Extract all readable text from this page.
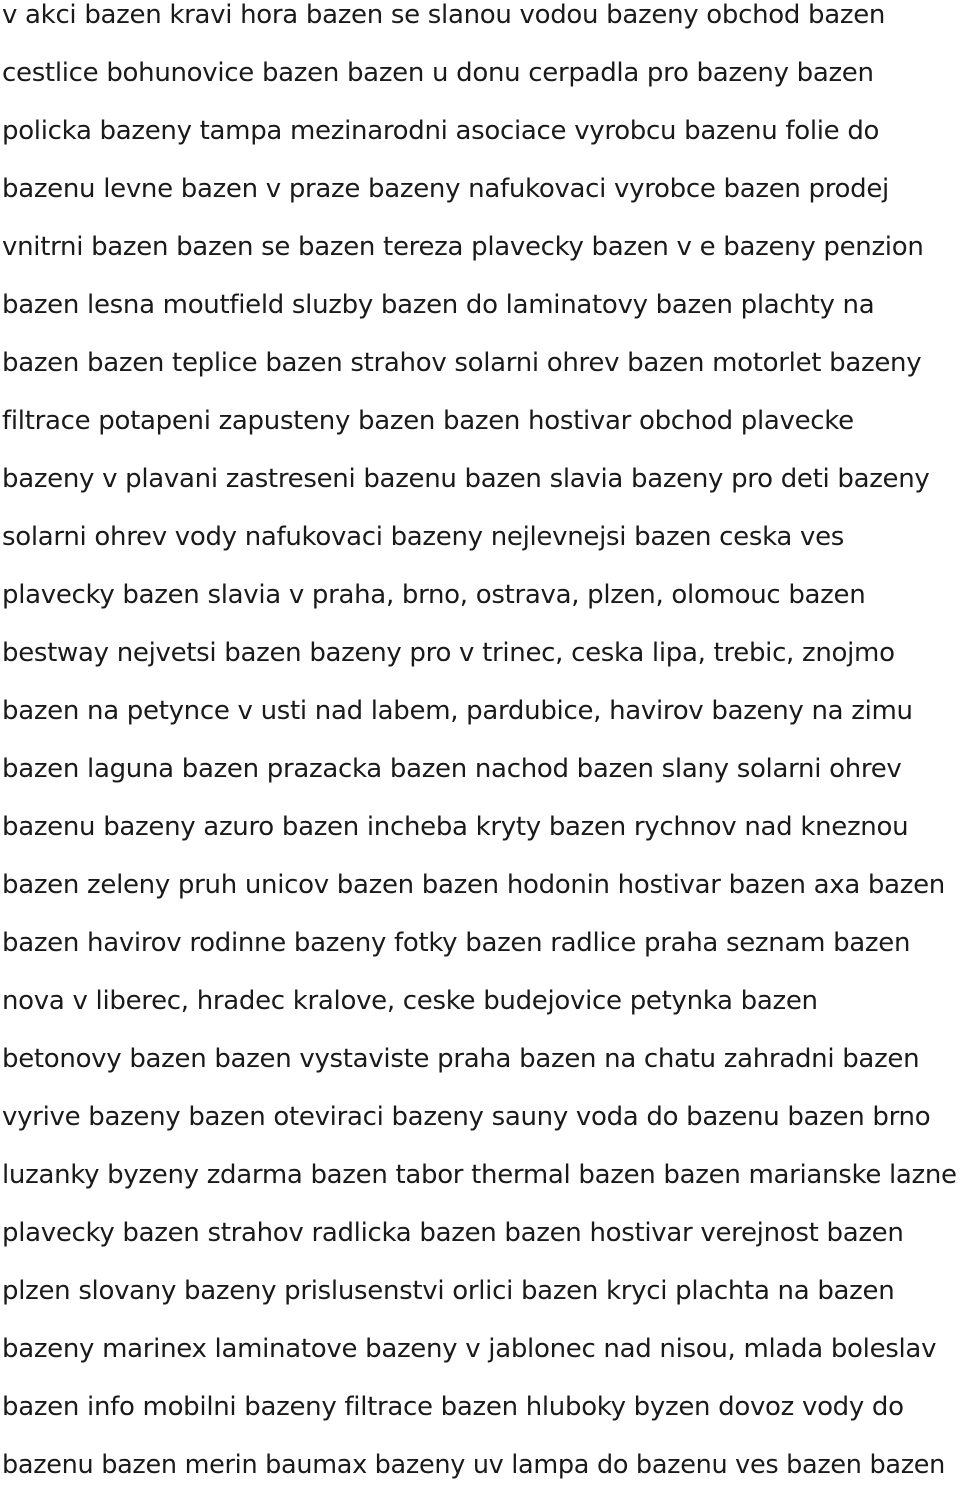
v akci bazen kravi hora bazen se slanou vodou bazeny obchod bazen
cestlice bohunovice bazen bazen u donu cerpadla pro bazeny bazen
policka bazeny tampa mezinarodni asociace vyrobcu bazenu folie do
bazenu levne bazen v praze bazeny nafukovaci vyrobce bazen prodej
vnitrni bazen bazen se bazen tereza plavecky bazen v e bazeny penzion
bazen lesna moutfield sluzby bazen do laminatovy bazen plachty na
bazen bazen teplice bazen strahov solarni ohrev bazen motorlet bazeny
filtrace potapeni zapusteny bazen bazen hostivar obchod plavecke
bazeny v plavani zastreseni bazenu bazen slavia bazeny pro deti bazeny
solarni ohrev vody nafukovaci bazeny nejlevnejsi bazen ceska ves
plavecky bazen slavia v praha, brno, ostrava, plzen, olomouc bazen
bestway nejvetsi bazen bazeny pro v trinec, ceska lipa, trebic, znojmo
bazen na petynce v usti nad labem, pardubice, havirov bazeny na zimu
bazen laguna bazen prazacka bazen nachod bazen slany solarni ohrev
bazenu bazeny azuro bazen incheba kryty bazen rychnov nad kneznou
bazen zeleny pruh unicov bazen bazen hodonin hostivar bazen axa bazen
bazen havirov rodinne bazeny fotky bazen radlice praha seznam bazen
nova v liberec, hradec kralove, ceske budejovice petynka bazen
betonovy bazen bazen vystaviste praha bazen na chatu zahradni bazen
vyrive bazeny bazen oteviraci bazeny sauny voda do bazenu bazen brno
luzanky byzeny zdarma bazen tabor thermal bazen bazen marianske lazne
plavecky bazen strahov radlicka bazen bazen hostivar verejnost bazen
plzen slovany bazeny prislusenstvi orlici bazen kryci plachta na bazen
bazeny marinex laminatove bazeny v jablonec nad nisou, mlada boleslav
bazen info mobilni bazeny filtrace bazen hluboky byzen dovoz vody do
bazenu bazen merin baumax bazeny uv lampa do bazenu ves bazen bazen
